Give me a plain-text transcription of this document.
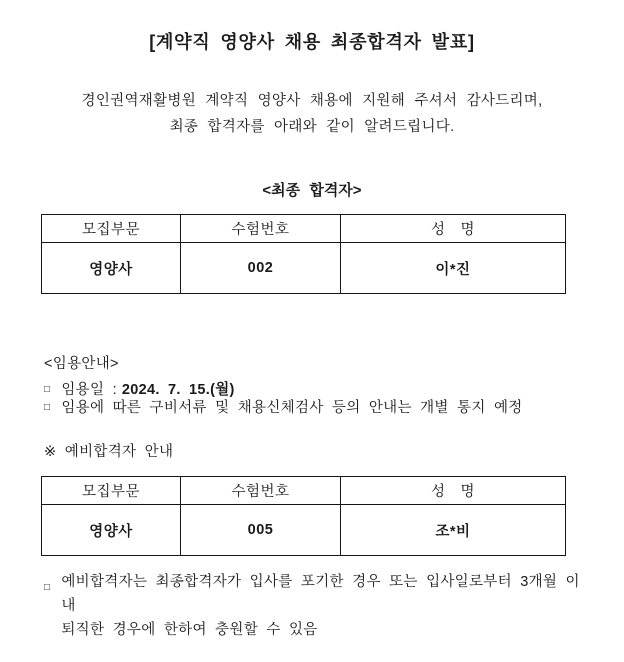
[계약직 영양사 채용 최종합격자 발표]
경인권역재활병원 계약직 영양사 채용에 지원해 주셔서 감사드리며,
최종 합격자를 아래와 같이 알려드립니다.
<최종 합격자>
모집부문	수험번호	성　명
영양사	002	이*진
<임용안내>
□ 임용일 : 2024. 7. 15.(월)
□ 임용에 따른 구비서류 및 채용신체검사 등의 안내는 개별 통지 예정
※ 예비합격자 안내
모집부문	수험번호	성　명
영양사	005	조*비
□ 예비합격자는 최종합격자가 입사를 포기한 경우 또는 입사일로부터 3개월 이내
퇴직한 경우에 한하여 충원할 수 있음
